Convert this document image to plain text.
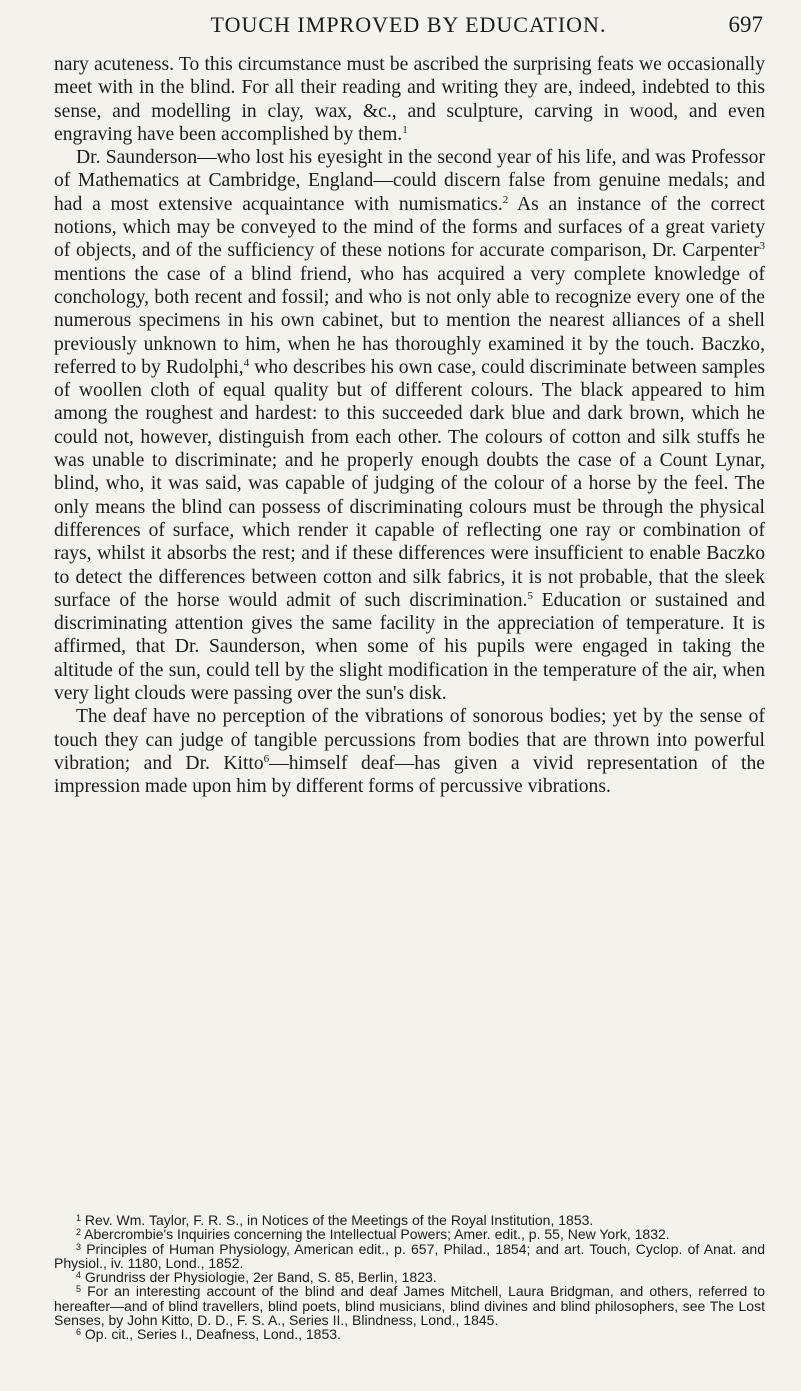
TOUCH IMPROVED BY EDUCATION.	697

nary acuteness. To this circumstance must be ascribed the surprising feats we occasionally meet with in the blind. For all their reading and writing they are, indeed, indebted to this sense, and modelling in clay, wax, &c., and sculpture, carving in wood, and even engraving have been accomplished by them.$^1$

Dr. Saunderson—who lost his eyesight in the second year of his life, and was Professor of Mathematics at Cambridge, England—could discern false from genuine medals; and had a most extensive acquaintance with numismatics.$^2$ As an instance of the correct notions, which may be conveyed to the mind of the forms and surfaces of a great variety of objects, and of the sufficiency of these notions for accurate comparison, Dr. Carpenter$^3$ mentions the case of a blind friend, who has acquired a very complete knowledge of conchology, both recent and fossil; and who is not only able to recognize every one of the numerous specimens in his own cabinet, but to mention the nearest alliances of a shell previously unknown to him, when he has thoroughly examined it by the touch. Baczko, referred to by Rudolphi,$^4$ who describes his own case, could discriminate between samples of woollen cloth of equal quality but of different colours. The black appeared to him among the roughest and hardest: to this succeeded dark blue and dark brown, which he could not, however, distinguish from each other. The colours of cotton and silk stuffs he was unable to discriminate; and he properly enough doubts the case of a Count Lynar, blind, who, it was said, was capable of judging of the colour of a horse by the feel. The only means the blind can possess of discriminating colours must be through the physical differences of surface, which render it capable of reflecting one ray or combination of rays, whilst it absorbs the rest; and if these differences were insufficient to enable Baczko to detect the differences between cotton and silk fabrics, it is not probable, that the sleek surface of the horse would admit of such discrimination.$^5$ Education or sustained and discriminating attention gives the same facility in the appreciation of temperature. It is affirmed, that Dr. Saunderson, when some of his pupils were engaged in taking the altitude of the sun, could tell by the slight modification in the temperature of the air, when very light clouds were passing over the sun's disk.

The deaf have no perception of the vibrations of sonorous bodies; yet by the sense of touch they can judge of tangible percussions from bodies that are thrown into powerful vibration; and Dr. Kitto$^6$—himself deaf—has given a vivid representation of the impression made upon him by different forms of percussive vibrations.

$^1$ Rev. Wm. Taylor, F. R. S., in Notices of the Meetings of the Royal Institution, 1853.

$^2$ Abercrombie's Inquiries concerning the Intellectual Powers; Amer. edit., p. 55, New York, 1832.

$^3$ Principles of Human Physiology, American edit., p. 657, Philad., 1854; and art. Touch, Cyclop. of Anat. and Physiol., iv. 1180, Lond., 1852.

$^4$ Grundriss der Physiologie, 2er Band, S. 85, Berlin, 1823.

$^5$ For an interesting account of the blind and deaf James Mitchell, Laura Bridgman, and others, referred to hereafter—and of blind travellers, blind poets, blind musicians, blind divines and blind philosophers, see The Lost Senses, by John Kitto, D. D., F. S. A., Series II., Blindness, Lond., 1845.

$^6$ Op. cit., Series I., Deafness, Lond., 1853.
